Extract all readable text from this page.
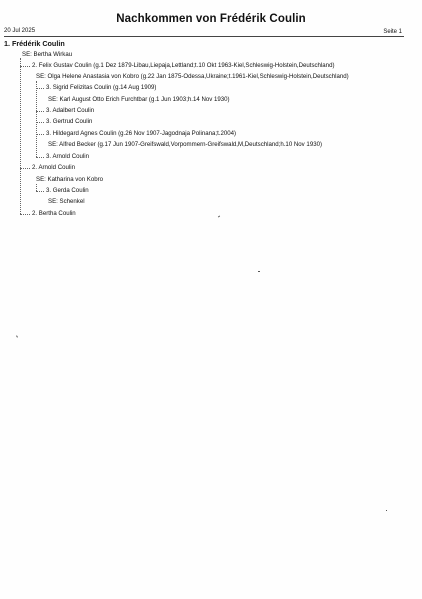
Nachkommen von Frédérik Coulin
20 Jul 2025	Seite 1
1. Frédérik Coulin
SE: Bertha Wirkau
2. Felix Gustav Coulin (g.1 Dez 1879-Libau,Liepaja,Lettland;t.10 Okt 1963-Kiel,Schleswig-Holstein,Deutschland)
SE: Olga Helene Anastasia von Kobro (g.22 Jan 1875-Odessa,Ukraine;t.1961-Kiel,Schleswig-Holstein,Deutschland)
3. Sigrid Felizitas Coulin (g.14 Aug 1909)
SE: Karl August Otto Erich Furchtbar (g.1 Jun 1903;h.14 Nov 1930)
3. Adalbert Coulin
3. Gertrud Coulin
3. Hildegard Agnes Coulin (g.26 Nov 1907-Jagodnaja Polinana;t.2004)
SE: Alfred Becker (g.17 Jun 1907-Greifswald,Vorpommern-Greifswald,M,Deutschland;h.10 Nov 1930)
3. Arnold Coulin
2. Arnold Coulin
SE: Katharina von Kobro
3. Gerda Coulin
SE: Schenkel
2. Bertha Coulin
